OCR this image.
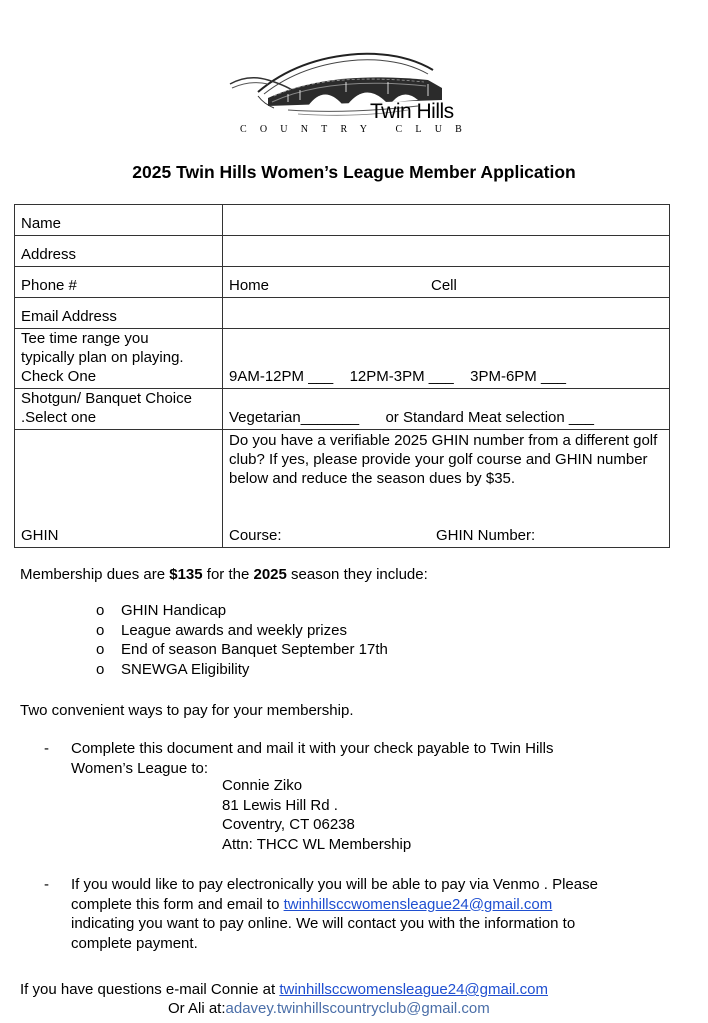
Twin Hills
COUNTRY CLUB
2025 Twin Hills Women’s League Member Application
Name	
Address	
Phone #	Home Cell

Email Address	

Tee time range you
typically plan on playing.
Check One	9AM-12PM ___ 12PM-3PM ___ 3PM-6PM ___

Shotgun/ Banquet Choice
.Select one	Vegetarian_______ or Standard Meat selection ___
GHIN	Do you have a verifiable 2025 GHIN number from a different golf club? If yes, please provide your golf course and GHIN number below and reduce the season dues by $35.
Course: GHIN Number:
Membership dues are $135 for the 2025 season they include:
o GHIN Handicap
o League awards and weekly prizes
o End of season Banquet September 17th
o SNEWGA Eligibility
Two convenient ways to pay for your membership.
- Complete this document and mail it with your check payable to Twin Hills
Women’s League to:
Connie Ziko
81 Lewis Hill Rd .
Coventry, CT 06238
Attn: THCC WL Membership
- If you would like to pay electronically you will be able to pay via Venmo . Please
complete this form and email to twinhillsccwomensleague24@gmail.com
indicating you want to pay online. We will contact you with the information to
complete payment.
If you have questions e-mail Connie at twinhillsccwomensleague24@gmail.com
Or Ali at:adavey.twinhillscountryclub@gmail.com
